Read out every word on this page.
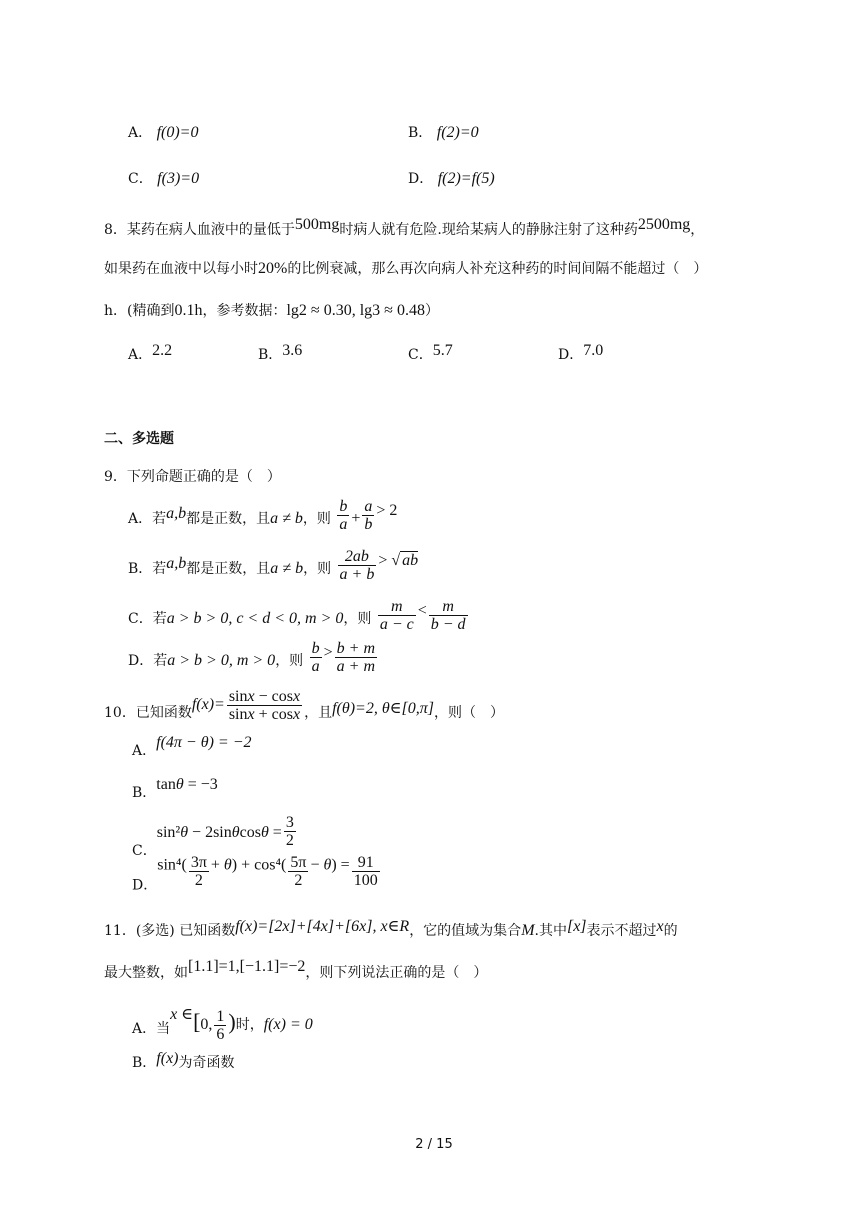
A． f(0)=0	B． f(2)=0
C． f(3)=0	D． f(2)=f(5)
8．某药在病人血液中的量低于500mg时病人就有危险.现给某病人的静脉注射了这种药2500mg，
如果药在血液中以每小时20%的比例衰减，那么再次向病人补充这种药的时间间隔不能超过（　）
h．(精确到0.1h，参考数据：lg2 ≈ 0.30, lg3 ≈ 0.48）
A．2.2	B．3.6	C．5.7	D．7.0
二、多选题
9．下列命题正确的是（　）
A．若a,b都是正数，且a ≠ b，则 $\frac{b}{a} + \frac{a}{b} > 2$
B．若a,b都是正数，且a ≠ b，则 $\frac{2ab}{a + b}$ > √ ab
C．若a > b > 0, c < d < 0, m > 0，则 $\frac{m}{a - c} < \frac{m}{b - d}$
D．若a > b > 0, m > 0，则 $\frac{b}{a} > \frac{b + m}{a + m}$
10．已知函数$f(x)= \frac{\sin x - \cos x}{\sin x + \cos x}$ ，且f(θ)=2, θ∈[0,π]，则（　）
A．f(4π − θ) = −2
B．tanθ = −3
C．$\sin^2\theta - 2\sin\theta\cos\theta = \frac{3}{2}$
D．$\sin^4( \frac{3\pi}{2} + \theta) + \cos^4( \frac{5\pi}{2} - \theta) = \frac{91}{100}$
11．(多选) 已知函数f(x)=[2x]+[4x]+[6x], x∈R，它的值域为集合M.其中[x]表示不超过x的
最大整数，如[1.1]=1,[−1.1]=−2，则下列说法正确的是（　）
A．当x ∈[0, $\frac{1}{6}$ )时，f(x) = 0
B．f(x)为奇函数
2 / 15
